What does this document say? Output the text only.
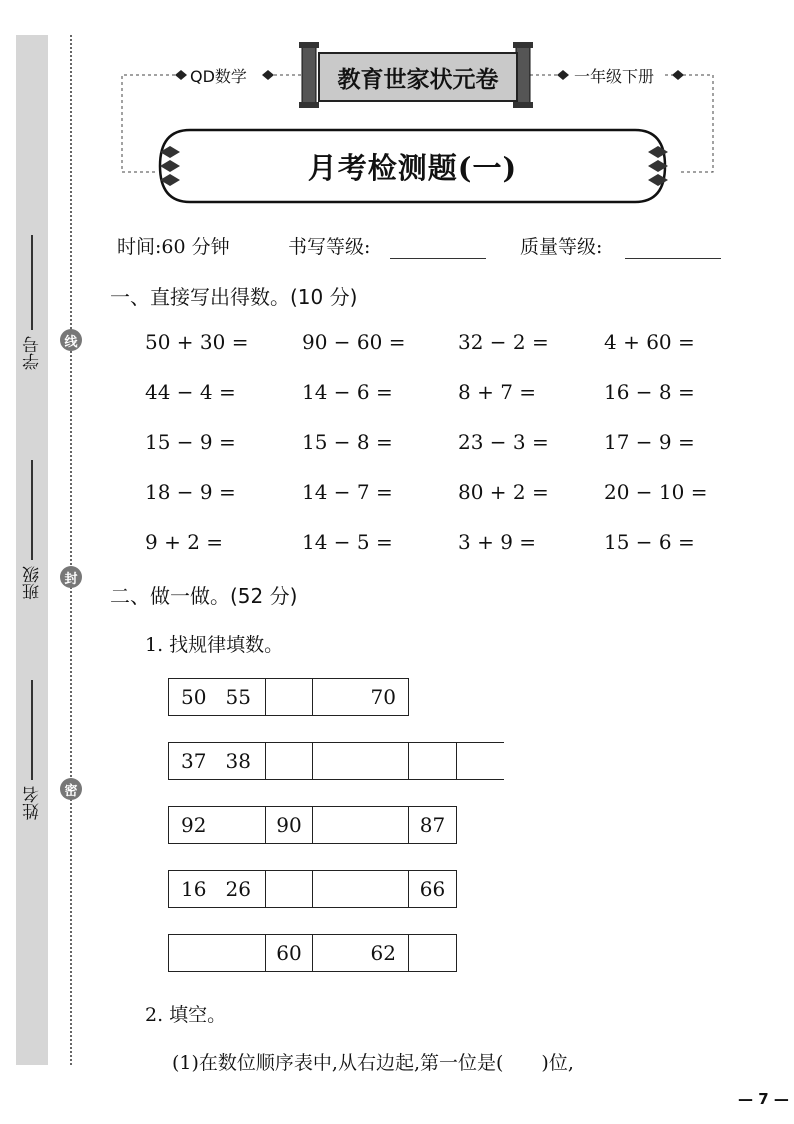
学号
班级
姓名
线
封
密
QD数学	教育世家状元卷	一年级下册
月考检测题(一)
时间:60 分钟	书写等级:	质量等级:
一、直接写出得数。(10 分)
50 + 30 =	90 − 60 =	32 − 2 =	4 + 60 =
44 − 4 =	14 − 6 =	8 + 7 =	16 − 8 =
15 − 9 =	15 − 8 =	23 − 3 =	17 − 9 =
18 − 9 =	14 − 7 =	80 + 2 =	20 − 10 =
9 + 2 =	14 − 5 =	3 + 9 =	15 − 6 =
二、做一做。(52 分)
1. 找规律填数。
50   55	70
37   38
92	90	87
16   26	66
60	62
2. 填空。
(1)在数位顺序表中,从右边起,第一位是(　　)位,
— 7 —
